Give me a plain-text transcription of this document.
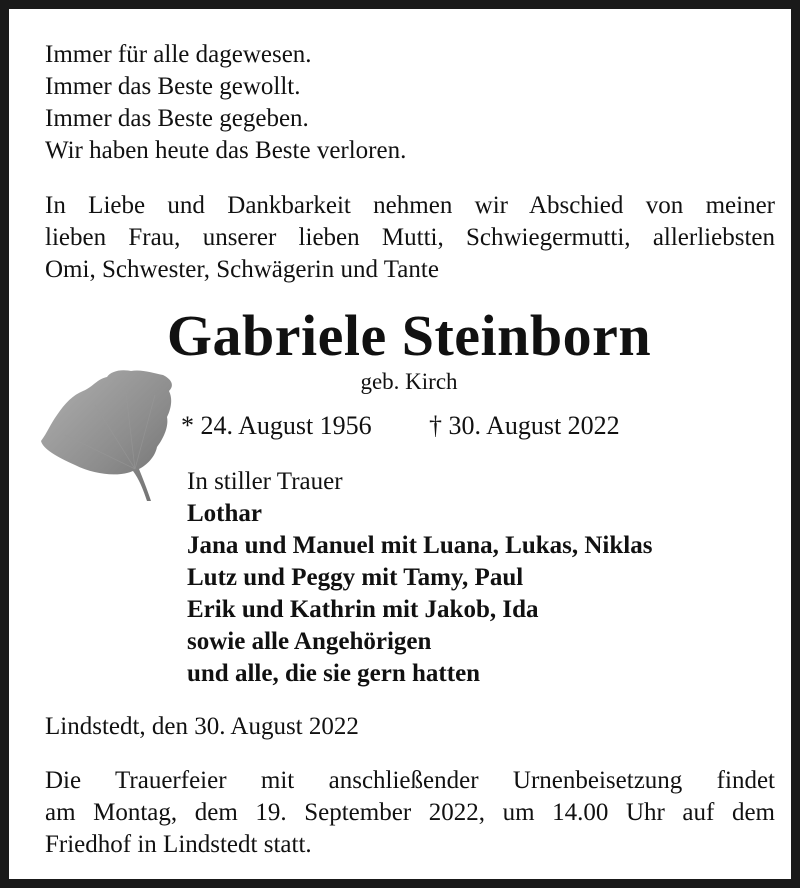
Immer für alle dagewesen.
Immer das Beste gewollt.
Immer das Beste gegeben.
Wir haben heute das Beste verloren.
In Liebe und Dankbarkeit nehmen wir Abschied von meiner
lieben Frau, unserer lieben Mutti, Schwiegermutti, allerliebsten
Omi, Schwester, Schwägerin und Tante
Gabriele Steinborn
geb. Kirch
* 24. August 1956 † 30. August 2022
In stiller Trauer
Lothar
Jana und Manuel mit Luana, Lukas, Niklas
Lutz und Peggy mit Tamy, Paul
Erik und Kathrin mit Jakob, Ida
sowie alle Angehörigen
und alle, die sie gern hatten
Lindstedt, den 30. August 2022
Die Trauerfeier mit anschließender Urnenbeisetzung findet
am Montag, dem 19. September 2022, um 14.00 Uhr auf dem
Friedhof in Lindstedt statt.
